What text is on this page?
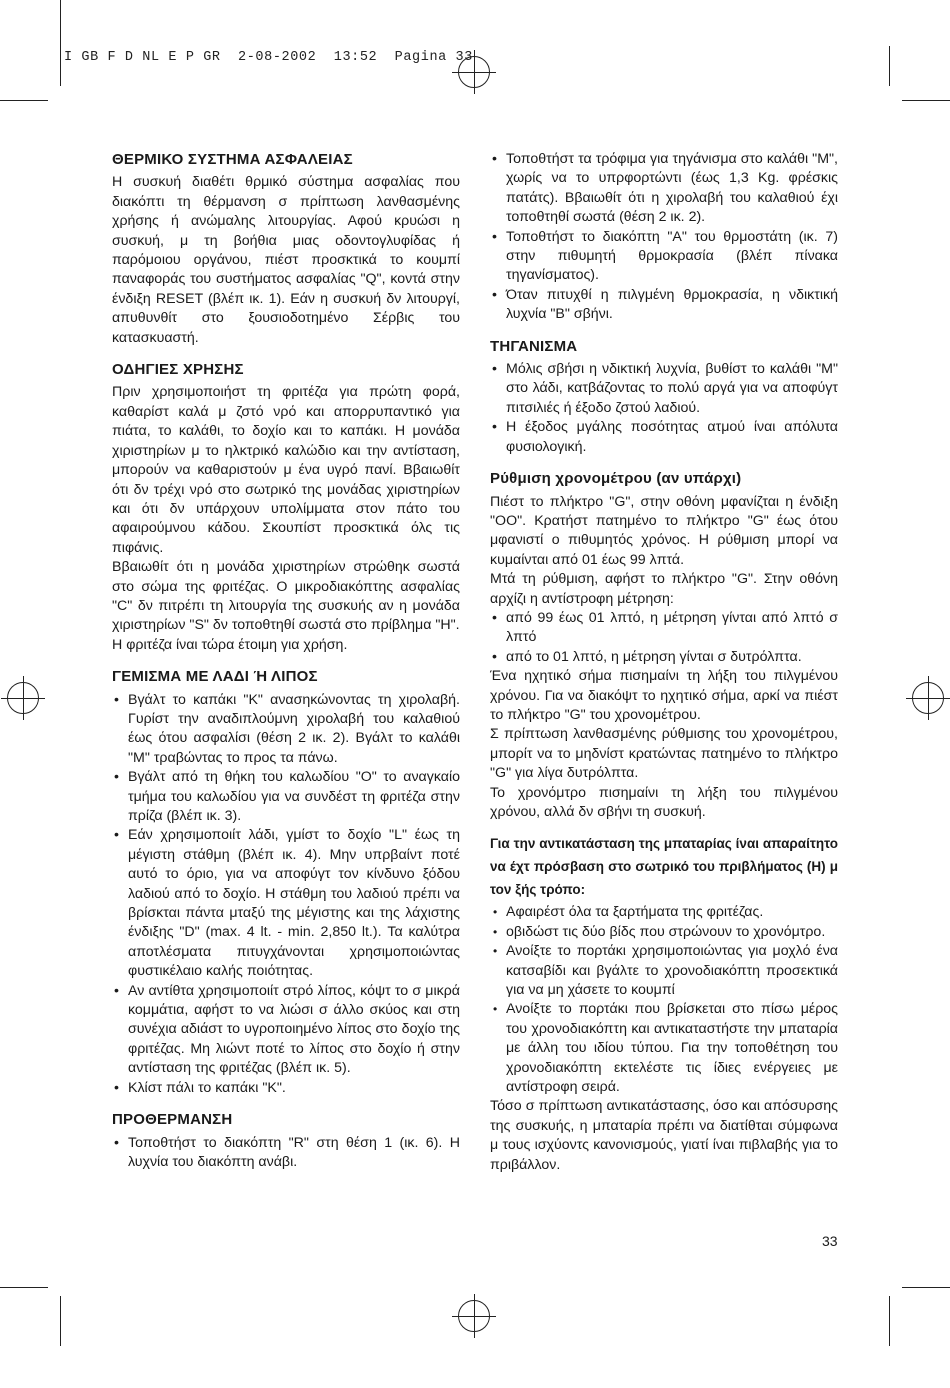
I GB F D NL E P GR  2-08-2002  13:52  Pagina 33
ΘΕΡΜΙΚΟ ΣΥΣΤΗΜΑ ΑΣΦΑΛΕΙΑΣ

Η συσκυή διαθέτι θρμικό σύστημα ασφαλίας που διακόπτι τη θέρμανση σ πρίπτωση λανθασμένης χρήσης ή ανώμαλης λιτουργίας. Αφού κρυώσι η συσκυή, μ τη βοήθια μιας οδοντογλυφίδας ή παρόμοιου οργάνου, πιέστ προσκτικά το κουμπί παναφοράς του συστήματος ασφαλίας "Q", κοντά στην ένδιξη RESET (βλέπ ικ. 1). Εάν η συσκυή δν λιτουργί, απυθυνθίτ στο ξουσιοδοτημένο Σέρβις του κατασκυαστή.

ΟΔΗΓΙΕΣ ΧΡΗΣΗΣ

Πριν χρησιμοποιήστ τη φριτέζα για πρώτη φορά, καθαρίστ καλά μ ζστό νρό και απορρυπαντικό για πιάτα, το καλάθι, το δοχίο και το καπάκι. Η μονάδα χιριστηρίων μ το ηλκτρικό καλώδιο και την αντίσταση, μπορούν να καθαριστούν μ ένα υγρό πανί. Ββαιωθίτ ότι δν τρέχι νρό στο σωτρικό της μονάδας χιριστηρίων και ότι δν υπάρχουν υπολίμματα στον πάτο του αφαιρούμνου κάδου. Σκουπίστ προσκτικά όλς τις πιφάνις.

Ββαιωθίτ ότι η μονάδα χιριστηρίων στρώθηκ σωστά στο σώμα της φριτέζας. Ο μικροδιακόπτης ασφαλίας "C" δν πιτρέπι τη λιτουργία της συσκυής αν η μονάδα χιριστηρίων "S" δν τοποθτηθί σωστά στο πρίβλημα "H".

Η φριτέζα ίναι τώρα έτοιμη για χρήση.

ΓΕΜΙΣΜΑ ΜΕ ΛΑΔΙ Ή ΛΙΠΟΣ
• Βγάλτ το καπάκι "K" ανασηκώνοντας τη χιρολαβή. Γυρίστ την αναδιπλούμνη χιρολαβή του καλαθιού έως ότου ασφαλίσι (θέση 2 ικ. 2). Βγάλτ το καλάθι "M" τραβώντας το προς τα πάνω.
• Βγάλτ από τη θήκη του καλωδίου "O" το αναγκαίο τμήμα του καλωδίου για να συνδέστ τη φριτέζα στην πρίζα (βλέπ ικ. 3).
• Εάν χρησιμοποιίτ λάδι, γμίστ το δοχίο "L" έως τη μέγιστη στάθμη (βλέπ ικ. 4). Μην υπρβαίντ ποτέ αυτό το όριο, για να αποφύγτ τον κίνδυνο ξόδου λαδιού από το δοχίο. Η στάθμη του λαδιού πρέπι να βρίσκται πάντα μταξύ της μέγιστης και της λάχιστης ένδιξης "D" (max. 4 lt. - min. 2,850 lt.). Τα καλύτρα αποτλέσματα πιτυγχάνονται χρησιμοποιώντας φυστικέλαιο καλής ποιότητας.
• Αν αντίθτα χρησιμοποιίτ στρό λίπος, κόψτ το σ μικρά κομμάτια, αφήστ το να λιώσι σ άλλο σκύος και στη συνέχια αδιάστ το υγροποιημένο λίπος στο δοχίο της φριτέζας. Μη λιώντ ποτέ το λίπος στο δοχίο ή στην αντίσταση της φριτέζας (βλέπ ικ. 5).
• Κλίστ πάλι το καπάκι "K".
ΠΡΟΘΕΡΜΑΝΣΗ
• Τοποθτήστ το διακόπτη "R" στη θέση 1 (ικ. 6). Η λυχνία του διακόπτη ανάβι.
• Τοποθτήστ τα τρόφιμα για τηγάνισμα στο καλάθι "M", χωρίς να το υπρφορτώντι (έως 1,3 Kg. φρέσκις πατάτς). Ββαιωθίτ ότι η χιρολαβή του καλαθιού έχι τοποθτηθί σωστά (θέση 2 ικ. 2).
• Τοποθτήστ το διακόπτη "A" του θρμοστάτη (ικ. 7) στην πιθυμητή θρμοκρασία (βλέπ πίνακα τηγανίσματος).
• Όταν πιτυχθί η πιλγμένη θρμοκρασία, η νδικτική λυχνία "B" σβήνι.
ΤΗΓΑΝΙΣΜΑ
• Μόλις σβήσι η νδικτική λυχνία, βυθίστ το καλάθι "M" στο λάδι, κατβάζοντας το πολύ αργά για να αποφύγτ πιτσιλιές ή έξοδο ζστού λαδιού.
• Η έξοδος μγάλης ποσότητας ατμού ίναι απόλυτα φυσιολογική.
Ρύθμιση χρονομέτρου (αν υπάρχι)

Πιέστ το πλήκτρο "G", στην οθόνη μφανίζται η ένδιξη "OO". Κρατήστ πατημένο το πλήκτρο "G" έως ότου μφανιστί ο πιθυμητός χρόνος. Η ρύθμιση μπορί να κυμαίνται από 01 έως 99 λπτά.

Μτά τη ρύθμιση, αφήστ το πλήκτρο "G". Στην οθόνη αρχίζι η αντίστροφη μέτρηση:

• από 99 έως 01 λπτό, η μέτρηση γίνται από λπτό σ λπτό
• από το 01 λπτό, η μέτρηση γίνται σ δυτρόλπτα.

Ένα ηχητικό σήμα πισημαίνι τη λήξη του πιλγμένου χρόνου. Για να διακόψτ το ηχητικό σήμα, αρκί να πιέστ το πλήκτρο "G" του χρονομέτρου.

Σ πρίπτωση λανθασμένης ρύθμισης του χρονομέτρου, μπορίτ να το μηδνίστ κρατώντας πατημένο το πλήκτρο "G" για λίγα δυτρόλπτα.

Το χρονόμτρο πισημαίνι τη λήξη του πιλγμένου χρόνου, αλλά δν σβήνι τη συσκυή.

Για την αντικατάσταση της μπαταρίας ίναι απαραίτητο να έχτ πρόσβαση στο σωτρικό του πριβλήματος (Η) μ τον ξής τρόπο:
• Αφαιρέστ όλα τα ξαρτήματα της φριτέζας.
• οβιδώστ τις δύο βίδς που στρώνουν το χρονόμτρο.
• Ανοίξτε το πορτάκι χρησιμοποιώντας για μοχλό ένα κατσαβίδι και βγάλτε το χρονοδιακόπτη προσεκτικά για να μη χάσετε το κουμπί
• Ανοίξτε το πορτάκι που βρίσκεται στο πίσω μέρος του χρονοδιακόπτη και αντικαταστήστε την μπαταρία με άλλη του ιδίου τύπου. Για την τοποθέτηση του χρονοδιακόπτη εκτελέστε τις ίδιες ενέργειες με αντίστροφη σειρά.

Τόσο σ πρίπτωση αντικατάστασης, όσο και απόσυρσης της συσκυής, η μπαταρία πρέπι να διατίθται σύμφωνα μ τους ισχύοντς κανονισμούς, γιατί ίναι πιβλαβής για το πριβάλλον.

33
